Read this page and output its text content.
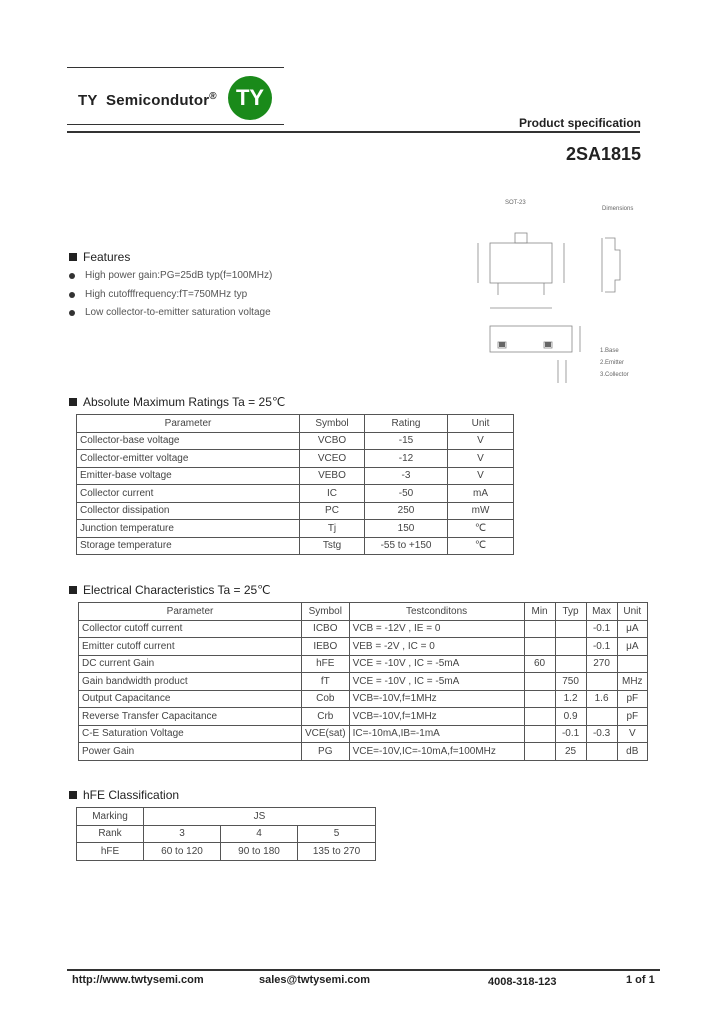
TY  Semicondutor® TY
Product specification
2SA1815
SOT-23
Dimensions
1.Base
2.Emitter
3.Collector
Features
High power gain:PG=25dB typ(f=100MHz)
High cutofffrequency:fT=750MHz typ
Low collector-to-emitter saturation voltage
Absolute Maximum Ratings Ta = 25℃
Parameter	Symbol	Rating	Unit
Collector-base voltage	VCBO	-15	V
Collector-emitter voltage	VCEO	-12	V
Emitter-base voltage	VEBO	-3	V
Collector current	IC	-50	mA
Collector dissipation	PC	250	mW
Junction temperature	Tj	150	℃
Storage temperature	Tstg	-55 to +150	℃
Electrical Characteristics Ta = 25℃
Parameter	Symbol	Testconditons	Min	Typ	Max	Unit
Collector cutoff current	ICBO	VCB = -12V , IE = 0			-0.1	μA
Emitter cutoff current	IEBO	VEB = -2V , IC = 0			-0.1	μA
DC current Gain	hFE	VCE = -10V , IC = -5mA	60		270	
Gain bandwidth product	fT	VCE = -10V , IC = -5mA		750		MHz
Output Capacitance	Cob	VCB=-10V,f=1MHz		1.2	1.6	pF
Reverse Transfer Capacitance	Crb	VCB=-10V,f=1MHz		0.9		pF
C-E Saturation Voltage	VCE(sat)	IC=-10mA,IB=-1mA		-0.1	-0.3	V
Power Gain	PG	VCE=-10V,IC=-10mA,f=100MHz		25		dB
hFE Classification
Marking	JS		
Rank	3	4	5
hFE	60 to 120	90 to 180	135 to 270
http://www.twtysemi.com	sales@twtysemi.com	4008-318-123	1 of 1
